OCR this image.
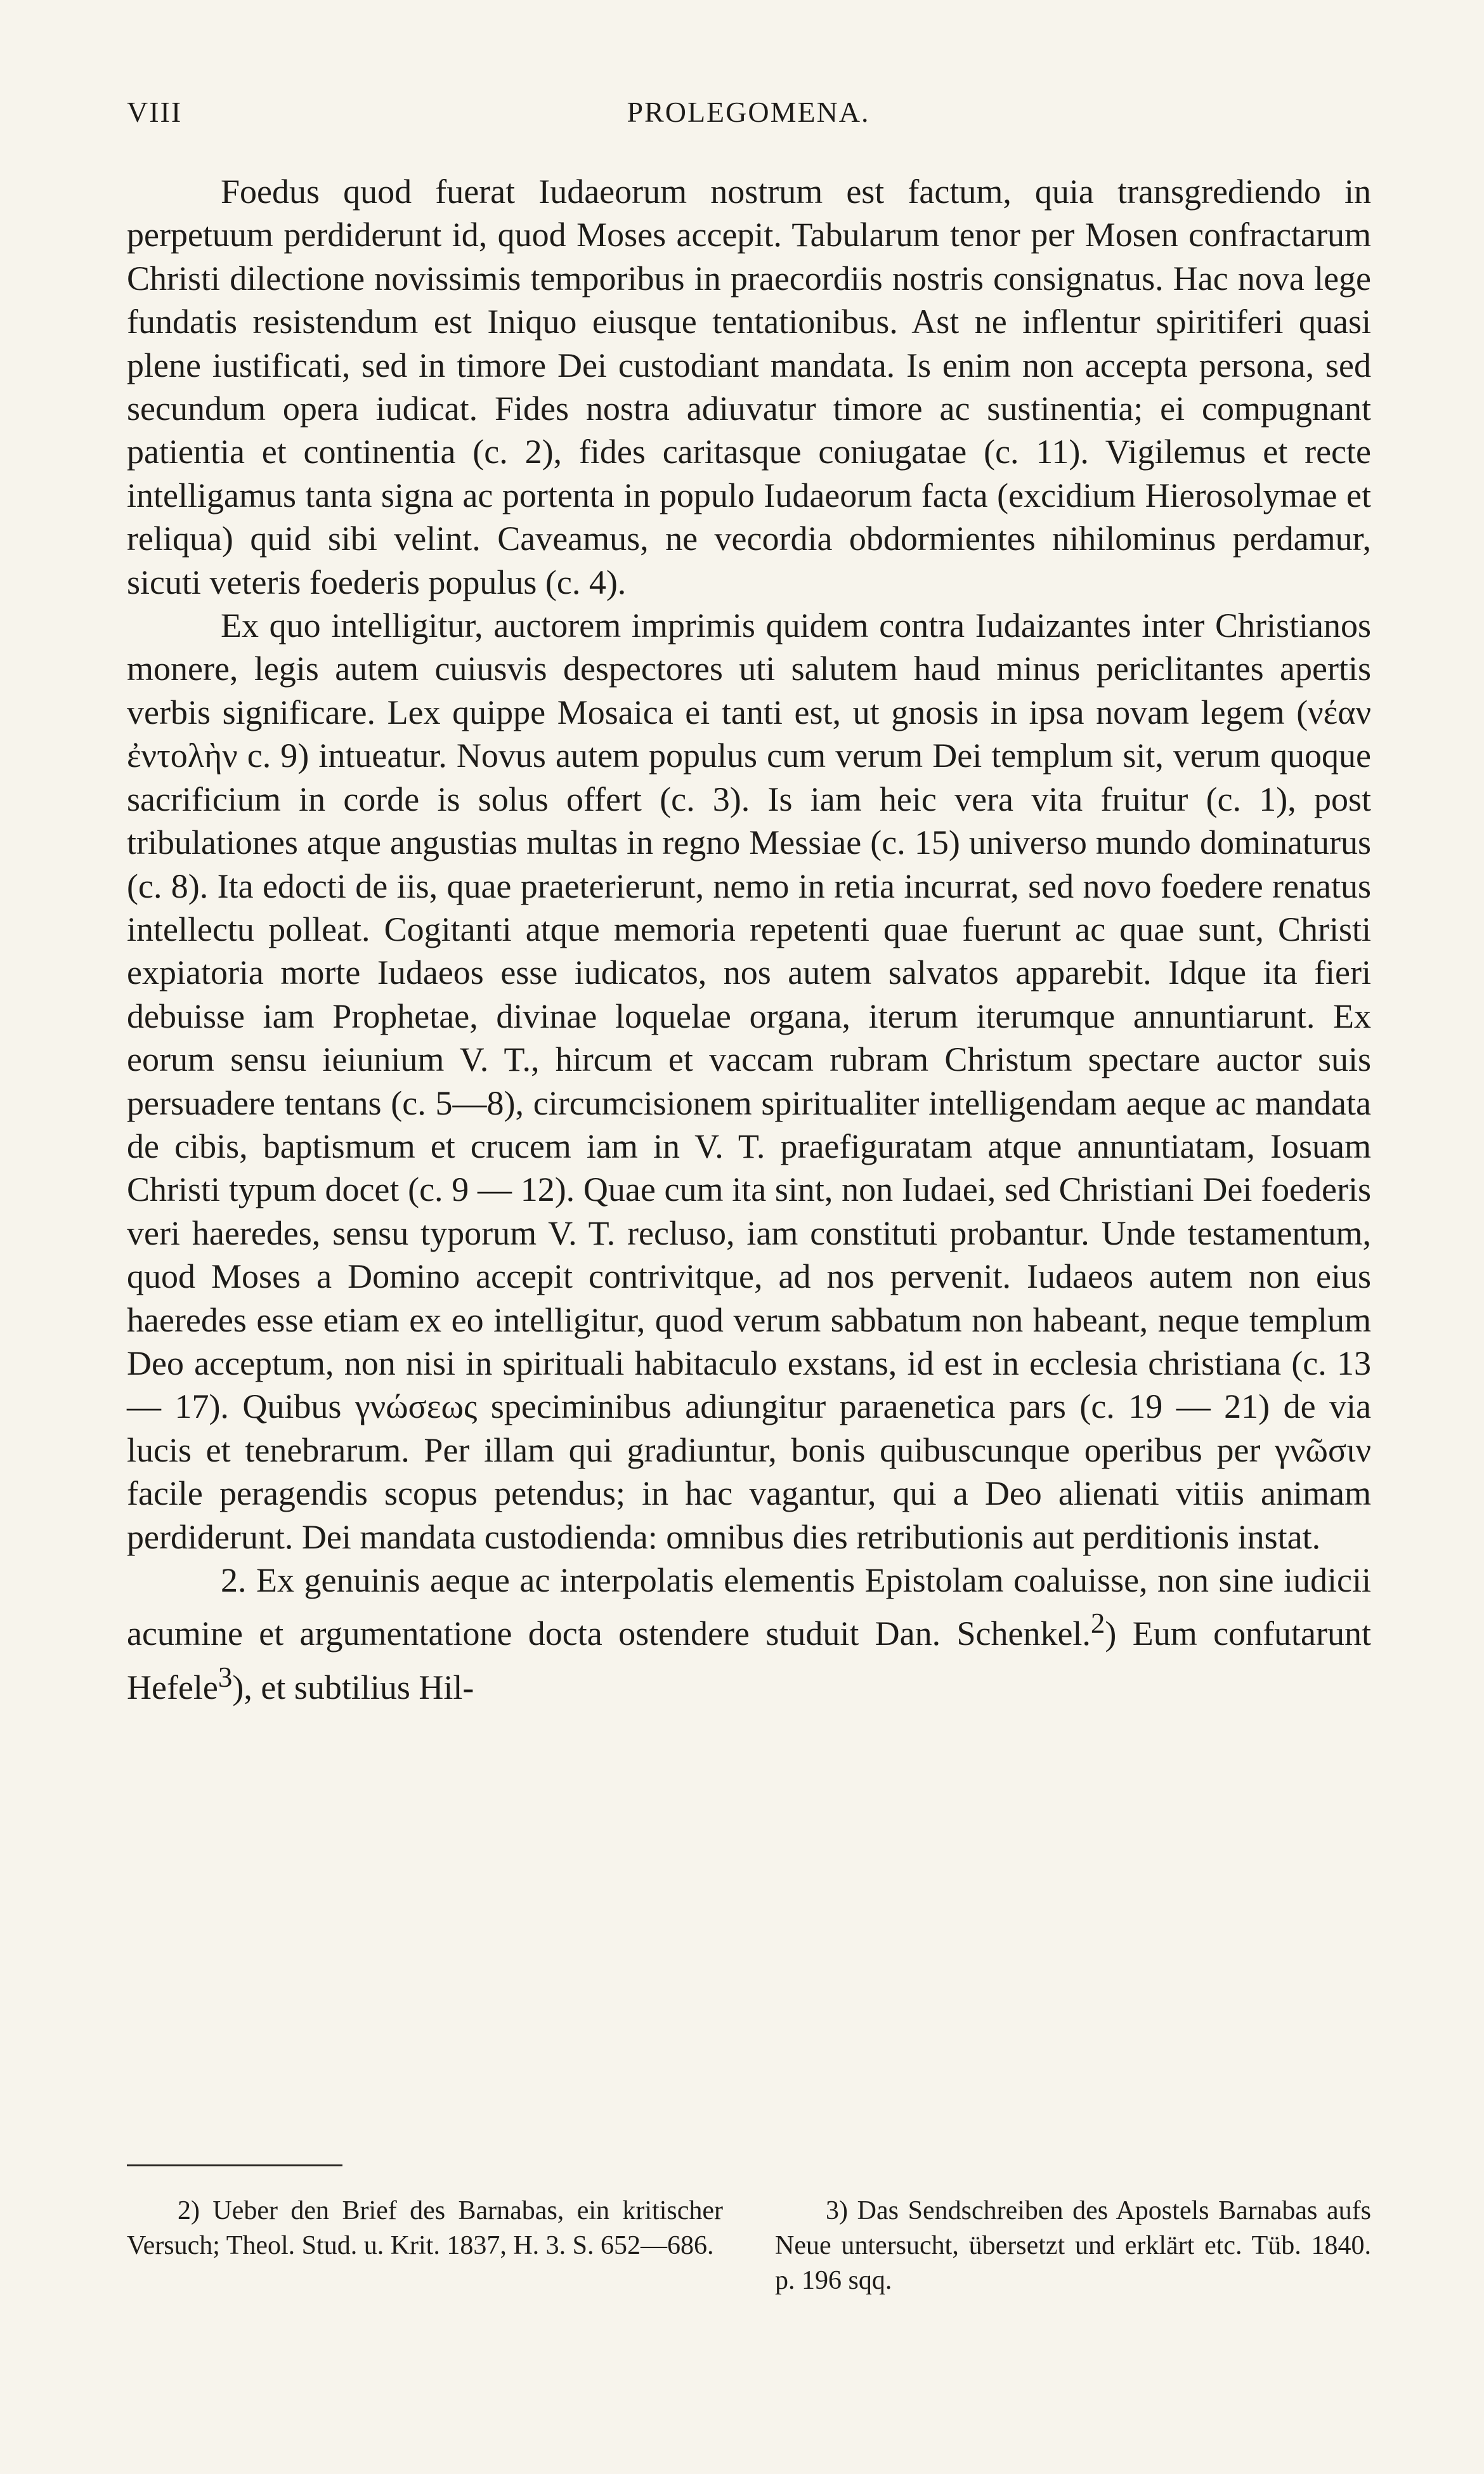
VIII	PROLEGOMENA.

Foedus quod fuerat Iudaeorum nostrum est factum, quia transgrediendo in perpetuum perdiderunt id, quod Moses accepit. Tabularum tenor per Mosen confractarum Christi dilectione novissimis temporibus in praecordiis nostris consignatus. Hac nova lege fundatis resistendum est Iniquo eiusque tentationibus. Ast ne inflentur spiritiferi quasi plene iustificati, sed in timore Dei custodiant mandata. Is enim non accepta persona, sed secundum opera iudicat. Fides nostra adiuvatur timore ac sustinentia; ei compugnant patientia et continentia (c. 2), fides caritasque coniugatae (c. 11). Vigilemus et recte intelligamus tanta signa ac portenta in populo Iudaeorum facta (excidium Hierosolymae et reliqua) quid sibi velint. Caveamus, ne vecordia obdormientes nihilominus perdamur, sicuti veteris foederis populus (c. 4).

Ex quo intelligitur, auctorem imprimis quidem contra Iudaizantes inter Christianos monere, legis autem cuiusvis despectores uti salutem haud minus periclitantes apertis verbis significare. Lex quippe Mosaica ei tanti est, ut gnosis in ipsa novam legem (νέαν ἐντολὴν c. 9) intueatur. Novus autem populus cum verum Dei templum sit, verum quoque sacrificium in corde is solus offert (c. 3). Is iam heic vera vita fruitur (c. 1), post tribulationes atque angustias multas in regno Messiae (c. 15) universo mundo dominaturus (c. 8). Ita edocti de iis, quae praeterierunt, nemo in retia incurrat, sed novo foedere renatus intellectu polleat. Cogitanti atque memoria repetenti quae fuerunt ac quae sunt, Christi expiatoria morte Iudaeos esse iudicatos, nos autem salvatos apparebit. Idque ita fieri debuisse iam Prophetae, divinae loquelae organa, iterum iterumque annuntiarunt. Ex eorum sensu ieiunium V. T., hircum et vaccam rubram Christum spectare auctor suis persuadere tentans (c. 5—8), circumcisionem spiritualiter intelligendam aeque ac mandata de cibis, baptismum et crucem iam in V. T. praefiguratam atque annuntiatam, Iosuam Christi typum docet (c. 9 — 12). Quae cum ita sint, non Iudaei, sed Christiani Dei foederis veri haeredes, sensu typorum V. T. recluso, iam constituti probantur. Unde testamentum, quod Moses a Domino accepit contrivitque, ad nos pervenit. Iudaeos autem non eius haeredes esse etiam ex eo intelligitur, quod verum sabbatum non habeant, neque templum Deo acceptum, non nisi in spirituali habitaculo exstans, id est in ecclesia christiana (c. 13 — 17). Quibus γνώσεως speciminibus adiungitur paraenetica pars (c. 19 — 21) de via lucis et tenebrarum. Per illam qui gradiuntur, bonis quibuscunque operibus per γνῶσιν facile peragendis scopus petendus; in hac vagantur, qui a Deo alienati vitiis animam perdiderunt. Dei mandata custodienda: omnibus dies retributionis aut perditionis instat.

2. Ex genuinis aeque ac interpolatis elementis Epistolam coaluisse, non sine iudicii acumine et argumentatione docta ostendere studuit Dan. Schenkel.$^2$) Eum confutarunt Hefele$^3$), et subtilius Hil-

2) Ueber den Brief des Barnabas, ein kritischer Versuch; Theol. Stud. u. Krit. 1837, H. 3. S. 652—686.
3) Das Sendschreiben des Apostels Barnabas aufs Neue untersucht, übersetzt und erklärt etc. Tüb. 1840. p. 196 sqq.
